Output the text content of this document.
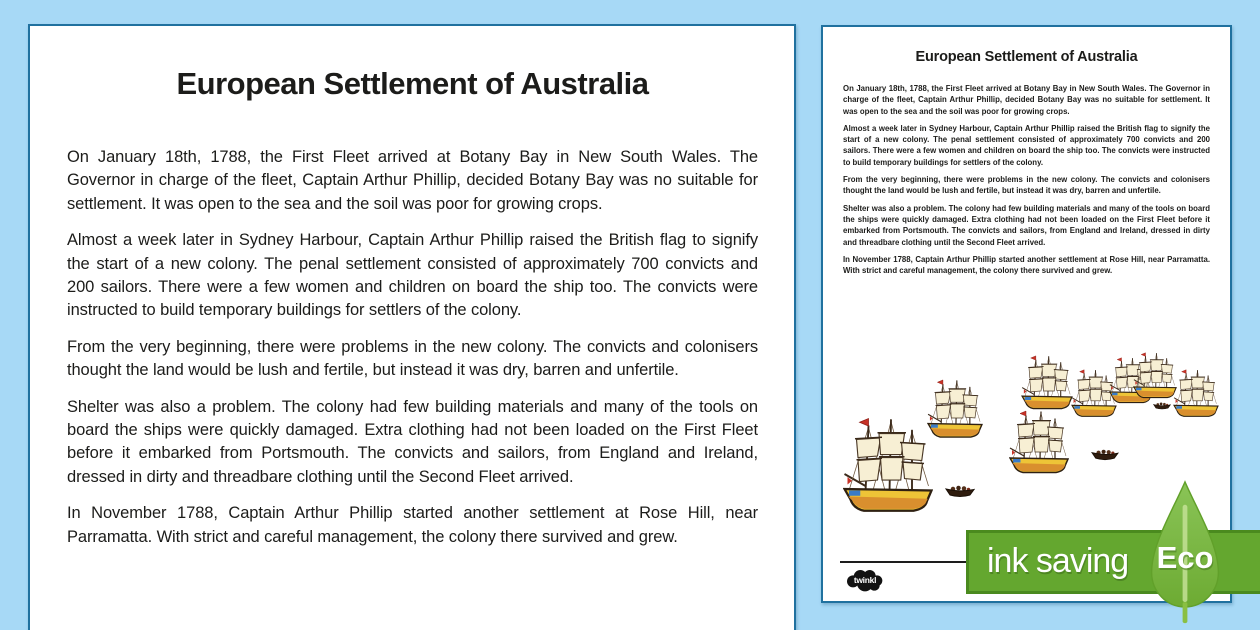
European Settlement of Australia

On January 18th, 1788, the First Fleet arrived at Botany Bay in New South Wales. The Governor in charge of the fleet, Captain Arthur Phillip, decided Botany Bay was no suitable for settlement. It was open to the sea and the soil was poor for growing crops.

Almost a week later in Sydney Harbour, Captain Arthur Phillip raised the British flag to signify the start of a new colony. The penal settlement consisted of approximately 700 convicts and 200 sailors. There were a few women and children on board the ship too. The convicts were instructed to build temporary buildings for settlers of the colony.

From the very beginning, there were problems in the new colony. The convicts and colonisers thought the land would be lush and fertile, but instead it was dry, barren and unfertile.

Shelter was also a problem. The colony had few building materials and many of the tools on board the ships were quickly damaged. Extra clothing had not been loaded on the First Fleet before it embarked from Portsmouth. The convicts and sailors, from England and Ireland, dressed in dirty and threadbare clothing until the Second Fleet arrived.

In November 1788, Captain Arthur Phillip started another settlement at Rose Hill, near Parramatta. With strict and careful management, the colony there survived and grew.

European Settlement of Australia

On January 18th, 1788, the First Fleet arrived at Botany Bay in New South Wales. The Governor in charge of the fleet, Captain Arthur Phillip, decided Botany Bay was no suitable for settlement. It was open to the sea and the soil was poor for growing crops.

Almost a week later in Sydney Harbour, Captain Arthur Phillip raised the British flag to signify the start of a new colony. The penal settlement consisted of approximately 700 convicts and 200 sailors. There were a few women and children on board the ship too. The convicts were instructed to build temporary buildings for settlers of the colony.

From the very beginning, there were problems in the new colony. The convicts and colonisers thought the land would be lush and fertile, but instead it was dry, barren and unfertile.

Shelter was also a problem. The colony had few building materials and many of the tools on board the ships were quickly damaged. Extra clothing had not been loaded on the First Fleet before it embarked from Portsmouth. The convicts and sailors, from England and Ireland, dressed in dirty and threadbare clothing until the Second Fleet arrived.

In November 1788, Captain Arthur Phillip started another settlement at Rose Hill, near Parramatta. With strict and careful management, the colony there survived and grew.

twinkl	ink saving Eco
